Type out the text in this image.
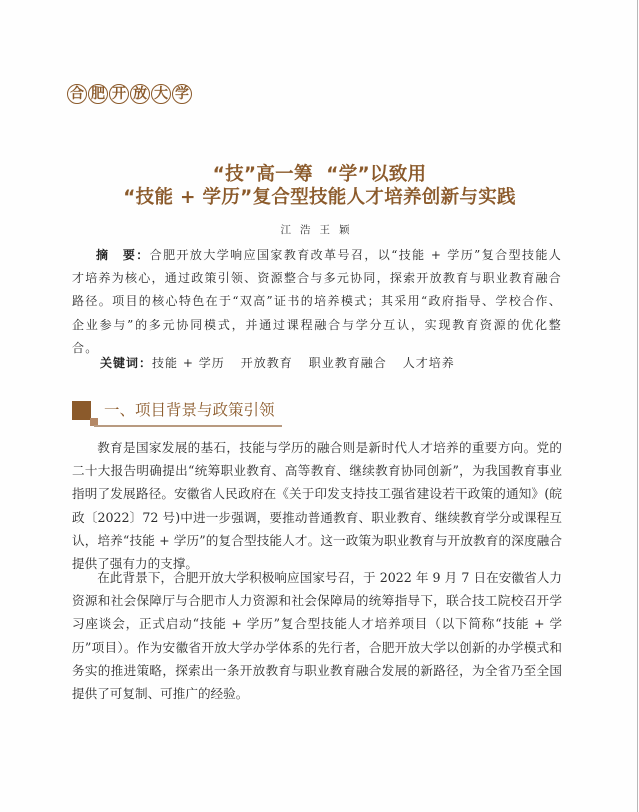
合 肥 开 放 大 学
“技”高一筹  “学”以致用
“技能 + 学历”复合型技能人才培养创新与实践
江浩王颖
摘　要：合肥开放大学响应国家教育改革号召，以“技能 + 学历”复合型技能人才培养为核心，通过政策引领、资源整合与多元协同，探索开放教育与职业教育融合路径。项目的核心特色在于“双高”证书的培养模式；其采用“政府指导、学校合作、企业参与”的多元协同模式，并通过课程融合与学分互认，实现教育资源的优化整合。
关键词：技能 + 学历 开放教育 职业教育融合 人才培养
一、项目背景与政策引领
教育是国家发展的基石，技能与学历的融合则是新时代人才培养的重要方向。党的二十大报告明确提出“统筹职业教育、高等教育、继续教育协同创新”，为我国教育事业指明了发展路径。安徽省人民政府在《关于印发支持技工强省建设若干政策的通知》(皖政〔2022〕72 号)中进一步强调，要推动普通教育、职业教育、继续教育学分或课程互认，培养“技能 + 学历”的复合型技能人才。这一政策为职业教育与开放教育的深度融合提供了强有力的支撑。
在此背景下，合肥开放大学积极响应国家号召，于 2022 年 9 月 7 日在安徽省人力资源和社会保障厅与合肥市人力资源和社会保障局的统筹指导下，联合技工院校召开学习座谈会，正式启动“技能 + 学历”复合型技能人才培养项目（以下简称“技能 + 学历”项目）。作为安徽省开放大学办学体系的先行者，合肥开放大学以创新的办学模式和务实的推进策略，探索出一条开放教育与职业教育融合发展的新路径，为全省乃至全国提供了可复制、可推广的经验。
